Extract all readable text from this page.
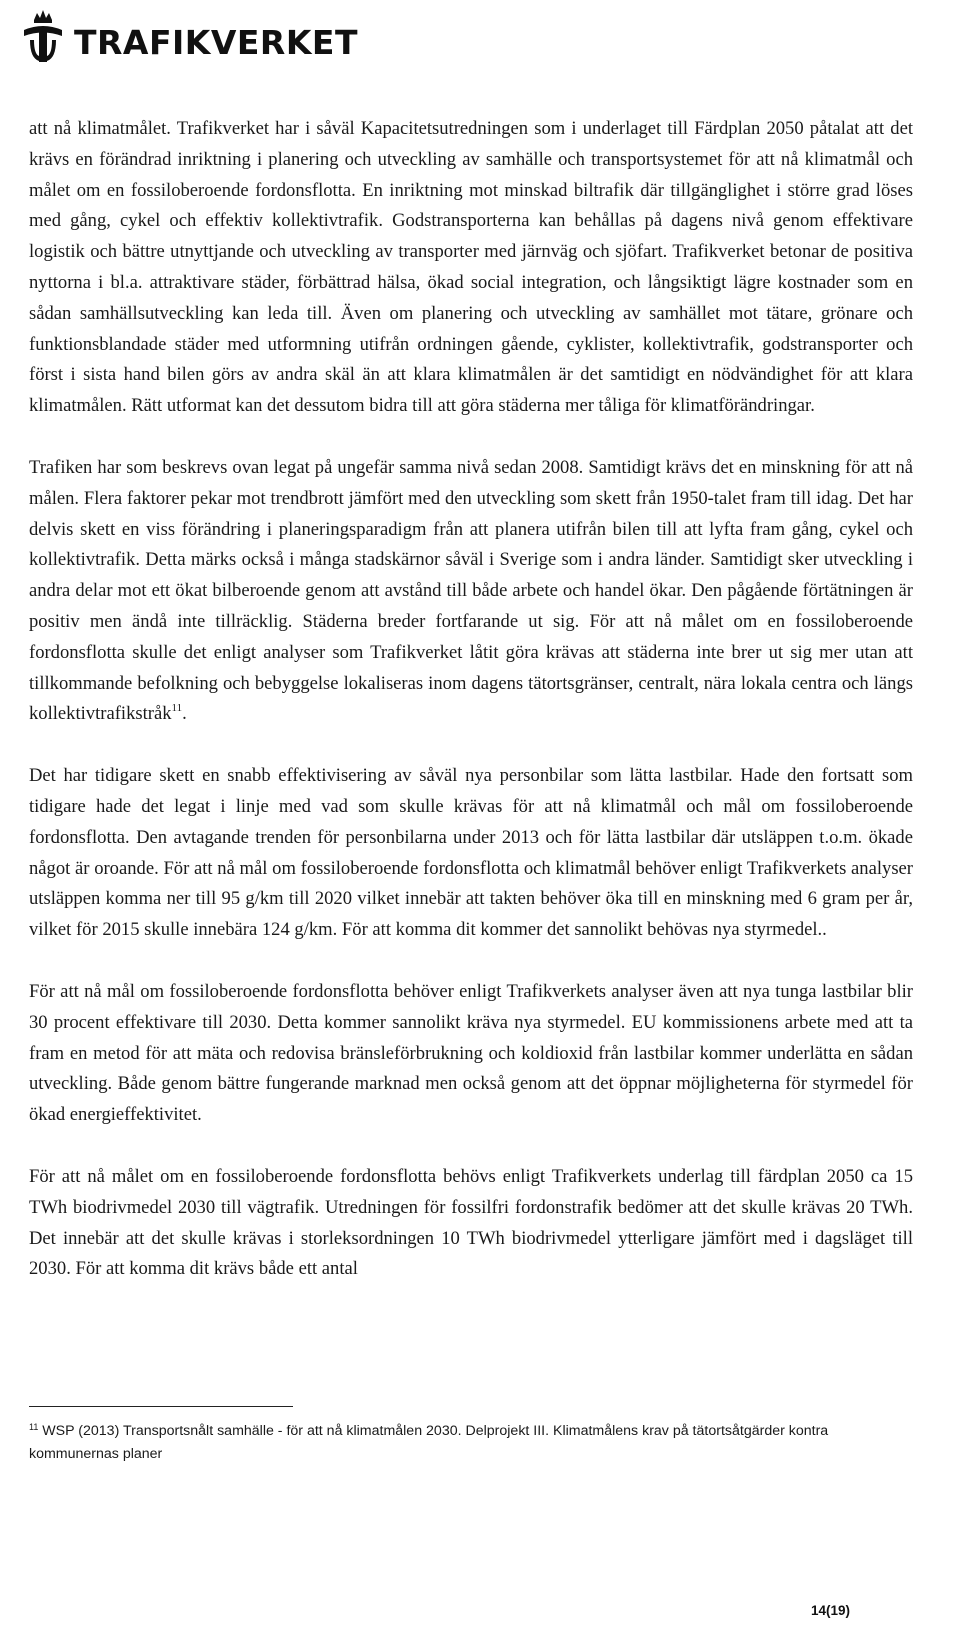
TRAFIKVERKET

att nå klimatmålet. Trafikverket har i såväl Kapacitetsutredningen som i underlaget till Färdplan 2050 påtalat att det krävs en förändrad inriktning i planering och utveckling av samhälle och transportsystemet för att nå klimatmål och målet om en fossiloberoende fordonsflotta. En inriktning mot minskad biltrafik där tillgänglighet i större grad löses med gång, cykel och effektiv kollektivtrafik. Godstransporterna kan behållas på dagens nivå genom effektivare logistik och bättre utnyttjande och utveckling av transporter med järnväg och sjöfart. Trafikverket betonar de positiva nyttorna i bl.a. attraktivare städer, förbättrad hälsa, ökad social integration, och långsiktigt lägre kostnader som en sådan samhällsutveckling kan leda till. Även om planering och utveckling av samhället mot tätare, grönare och funktionsblandade städer med utformning utifrån ordningen gående, cyklister, kollektivtrafik, godstransporter och först i sista hand bilen görs av andra skäl än att klara klimatmålen är det samtidigt en nödvändighet för att klara klimatmålen. Rätt utformat kan det dessutom bidra till att göra städerna mer tåliga för klimatförändringar.

Trafiken har som beskrevs ovan legat på ungefär samma nivå sedan 2008. Samtidigt krävs det en minskning för att nå målen. Flera faktorer pekar mot trendbrott jämfört med den utveckling som skett från 1950-talet fram till idag. Det har delvis skett en viss förändring i planeringsparadigm från att planera utifrån bilen till att lyfta fram gång, cykel och kollektivtrafik. Detta märks också i många stadskärnor såväl i Sverige som i andra länder. Samtidigt sker utveckling i andra delar mot ett ökat bilberoende genom att avstånd till både arbete och handel ökar. Den pågående förtätningen är positiv men ändå inte tillräcklig. Städerna breder fortfarande ut sig. För att nå målet om en fossiloberoende fordonsflotta skulle det enligt analyser som Trafikverket låtit göra krävas att städerna inte brer ut sig mer utan att tillkommande befolkning och bebyggelse lokaliseras inom dagens tätortsgränser, centralt, nära lokala centra och längs kollektivtrafikstråk$^{11}$.

Det har tidigare skett en snabb effektivisering av såväl nya personbilar som lätta lastbilar. Hade den fortsatt som tidigare hade det legat i linje med vad som skulle krävas för att nå klimatmål och mål om fossiloberoende fordonsflotta. Den avtagande trenden för personbilarna under 2013 och för lätta lastbilar där utsläppen t.o.m. ökade något är oroande. För att nå mål om fossiloberoende fordonsflotta och klimatmål behöver enligt Trafikverkets analyser utsläppen komma ner till 95 g/km till 2020 vilket innebär att takten behöver öka till en minskning med 6 gram per år, vilket för 2015 skulle innebära 124 g/km. För att komma dit kommer det sannolikt behövas nya styrmedel..

För att nå mål om fossiloberoende fordonsflotta behöver enligt Trafikverkets analyser även att nya tunga lastbilar blir 30 procent effektivare till 2030. Detta kommer sannolikt kräva nya styrmedel. EU kommissionens arbete med att ta fram en metod för att mäta och redovisa bränsleförbrukning och koldioxid från lastbilar kommer underlätta en sådan utveckling. Både genom bättre fungerande marknad men också genom att det öppnar möjligheterna för styrmedel för ökad energieffektivitet.

För att nå målet om en fossiloberoende fordonsflotta behövs enligt Trafikverkets underlag till färdplan 2050 ca 15 TWh biodrivmedel 2030 till vägtrafik. Utredningen för fossilfri fordonstrafik bedömer att det skulle krävas 20 TWh. Det innebär att det skulle krävas i storleksordningen 10 TWh biodrivmedel ytterligare jämfört med i dagsläget till 2030. För att komma dit krävs både ett antal

$^{11}$ WSP (2013) Transportsnålt samhälle - för att nå klimatmålen 2030. Delprojekt III. Klimatmålens krav på tätortsåtgärder kontra kommunernas planer
14(19)
